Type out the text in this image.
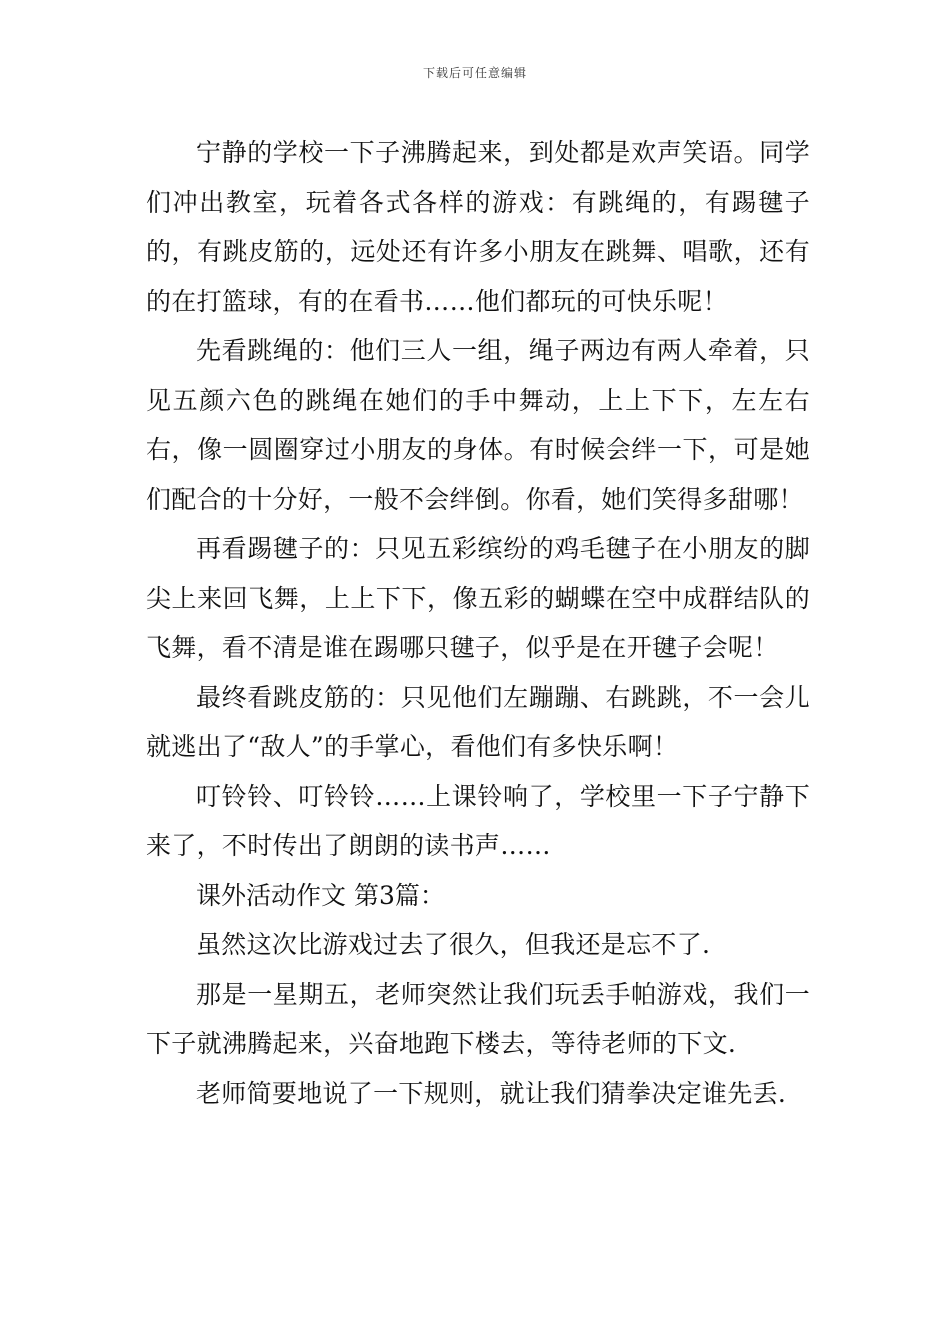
下载后可任意编辑

宁静的学校一下子沸腾起来，到处都是欢声笑语。同学们冲出教室，玩着各式各样的游戏：有跳绳的，有踢毽子的，有跳皮筋的，远处还有许多小朋友在跳舞、唱歌，还有的在打篮球，有的在看书……他们都玩的可快乐呢！

先看跳绳的：他们三人一组，绳子两边有两人牵着，只见五颜六色的跳绳在她们的手中舞动，上上下下，左左右右，像一圆圈穿过小朋友的身体。有时候会绊一下，可是她们配合的十分好，一般不会绊倒。你看，她们笑得多甜哪！

再看踢毽子的：只见五彩缤纷的鸡毛毽子在小朋友的脚尖上来回飞舞，上上下下，像五彩的蝴蝶在空中成群结队的飞舞，看不清是谁在踢哪只毽子，似乎是在开毽子会呢！

最终看跳皮筋的：只见他们左蹦蹦、右跳跳，不一会儿就逃出了“敌人”的手掌心，看他们有多快乐啊！

叮铃铃、叮铃铃……上课铃响了，学校里一下子宁静下来了，不时传出了朗朗的读书声……

课外活动作文 第3篇：

虽然这次比游戏过去了很久，但我还是忘不了.

那是一星期五，老师突然让我们玩丢手帕游戏，我们一下子就沸腾起来，兴奋地跑下楼去，等待老师的下文.

老师简要地说了一下规则，就让我们猜拳决定谁先丢.
